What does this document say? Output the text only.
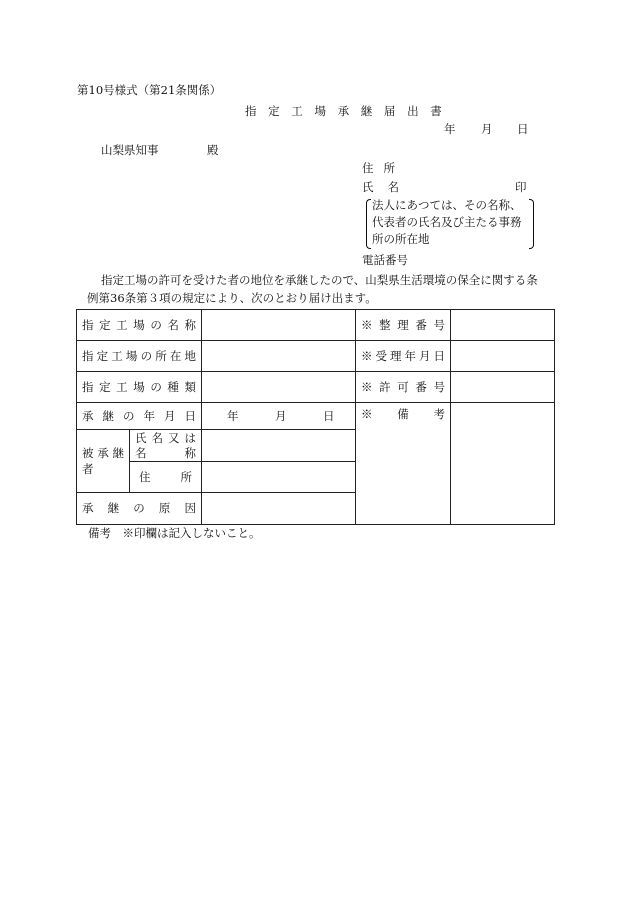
第10号様式（第21条関係）
指 定 工 場 承 継 届 出 書
年 月 日
山梨県知事	殿
住所
氏名	印
法人にあつては、その名称、
代表者の氏名及び主たる事務
所の所在地
電話番号
指定工場の許可を受けた者の地位を承継したので、山梨県生活環境の保全に関する条
例第36条第３項の規定により、次のとおり届け出ます。
指定工場の名称			※整理番号	

指定工場の所在地			※受理年月日	

指定工場の種類			※許可番号	

承継の年月日		年 月 日	※備考	

被承継者	氏名又は
名称			

	住所			

承継の原因				

備考　※印欄は記入しないこと。
